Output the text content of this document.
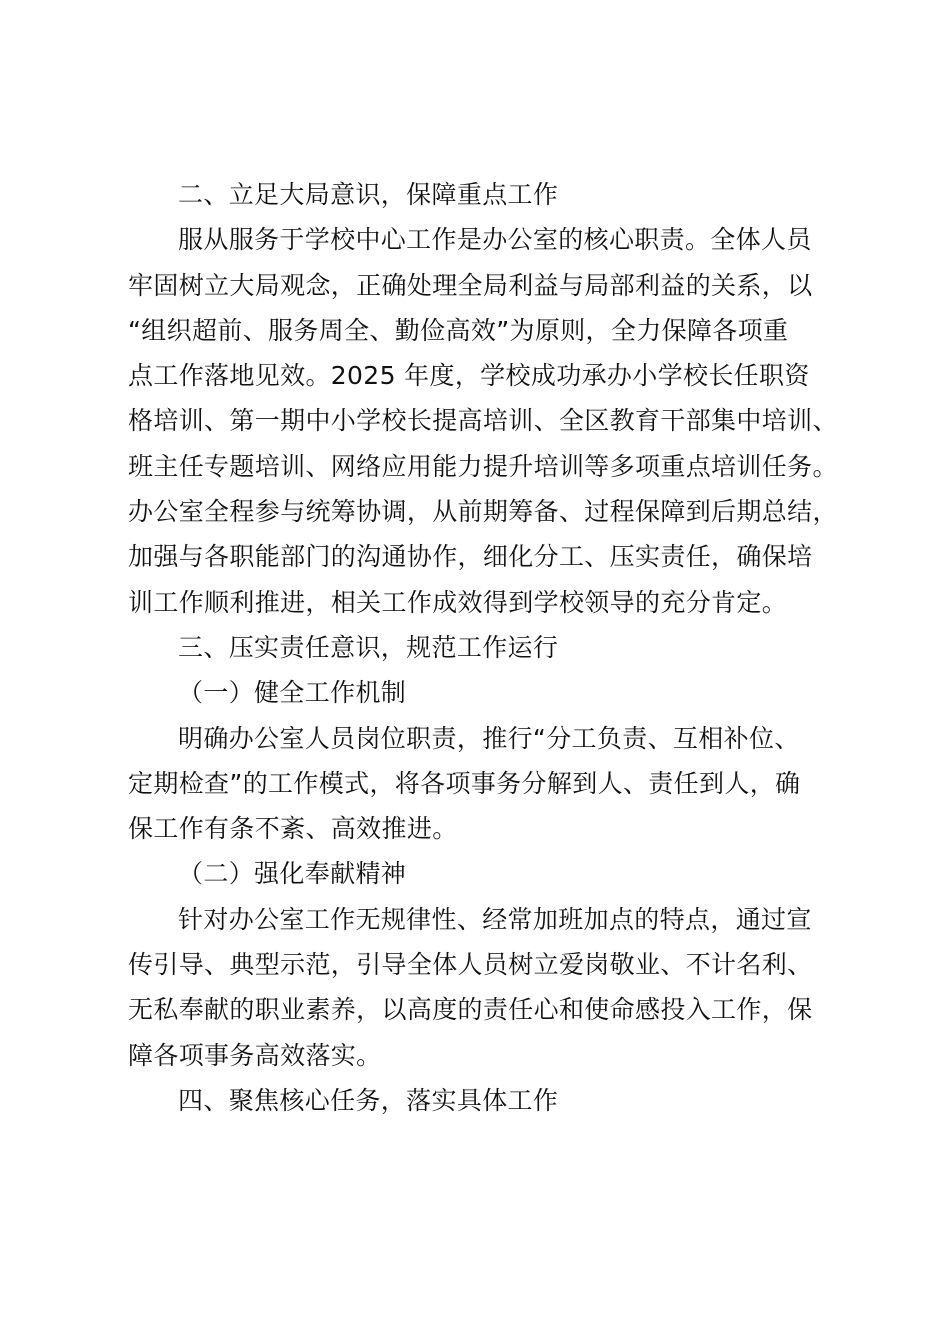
二、立足大局意识，保障重点工作

服从服务于学校中心工作是办公室的核心职责。全体人员
牢固树立大局观念，正确处理全局利益与局部利益的关系，以
“组织超前、服务周全、勤俭高效”为原则，全力保障各项重
点工作落地见效。2025 年度，学校成功承办小学校长任职资
格培训、第一期中小学校长提高培训、全区教育干部集中培训、
班主任专题培训、网络应用能力提升培训等多项重点培训任务。
办公室全程参与统筹协调，从前期筹备、过程保障到后期总结，
加强与各职能部门的沟通协作，细化分工、压实责任，确保培
训工作顺利推进，相关工作成效得到学校领导的充分肯定。

三、压实责任意识，规范工作运行

（一）健全工作机制

明确办公室人员岗位职责，推行“分工负责、互相补位、
定期检查”的工作模式，将各项事务分解到人、责任到人，确
保工作有条不紊、高效推进。

（二）强化奉献精神

针对办公室工作无规律性、经常加班加点的特点，通过宣
传引导、典型示范，引导全体人员树立爱岗敬业、不计名利、
无私奉献的职业素养，以高度的责任心和使命感投入工作，保
障各项事务高效落实。

四、聚焦核心任务，落实具体工作
